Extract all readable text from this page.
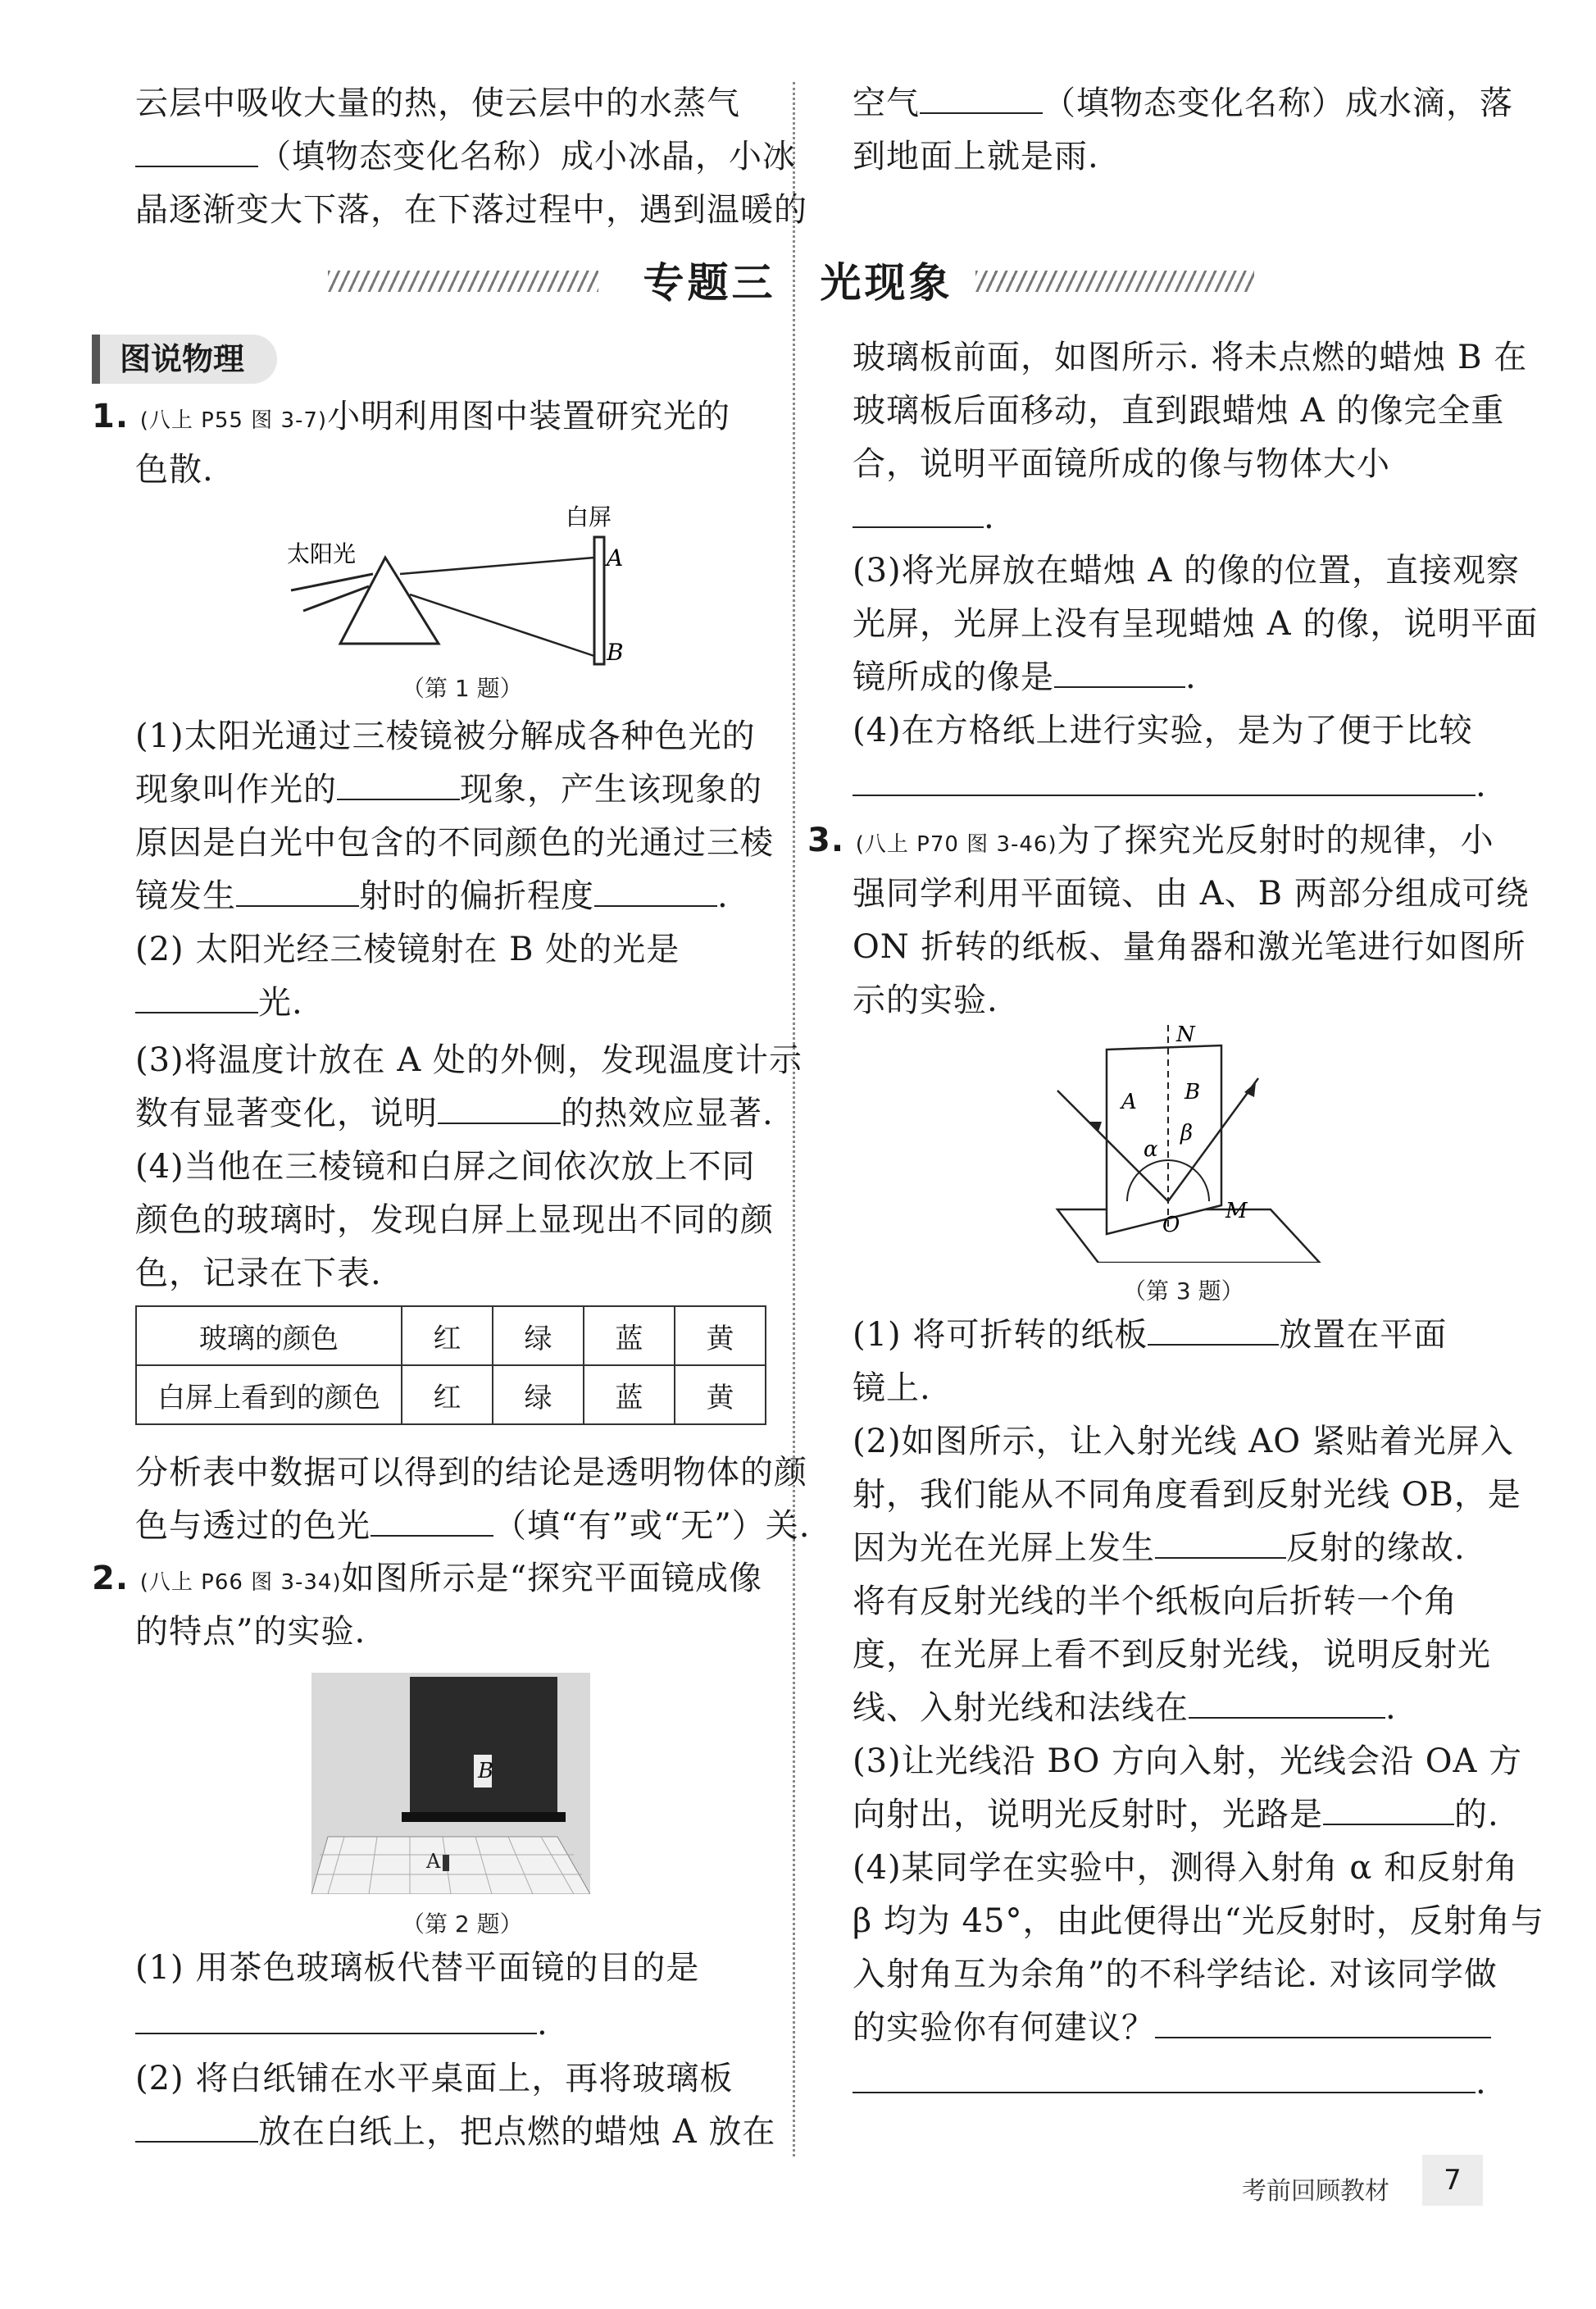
云层中吸收大量的热，使云层中的水蒸气
（填物态变化名称）成小冰晶，小冰
晶逐渐变大下落，在下落过程中，遇到温暖的
空气	（填物态变化名称）成水滴，落
到地面上就是雨.
专题三　光现象
图说物理
1. (八上 P55 图 3-7)小明利用图中装置研究光的
色散.
太阳光
白屏
A
B
（第 1 题）
(1)太阳光通过三棱镜被分解成各种色光的
现象叫作光的	现象，产生该现象的
原因是白光中包含的不同颜色的光通过三棱
镜发生	射时的偏折程度	.
(2) 太阳光经三棱镜射在 B 处的光是
光.
(3)将温度计放在 A 处的外侧，发现温度计示
数有显著变化，说明	的热效应显著.
(4)当他在三棱镜和白屏之间依次放上不同
颜色的玻璃时，发现白屏上显现出不同的颜
色，记录在下表.
玻璃的颜色	红	绿	蓝	黄
白屏上看到的颜色	红	绿	蓝	黄
分析表中数据可以得到的结论是透明物体的颜
色与透过的色光	（填“有”或“无”）关.
2. (八上 P66 图 3-34)如图所示是“探究平面镜成像
的特点”的实验.
B
A
（第 2 题）
(1) 用茶色玻璃板代替平面镜的目的是
.
(2) 将白纸铺在水平桌面上，再将玻璃板
放在白纸上，把点燃的蜡烛 A 放在
玻璃板前面，如图所示. 将未点燃的蜡烛 B 在
玻璃板后面移动，直到跟蜡烛 A 的像完全重
合，说明平面镜所成的像与物体大小
.
(3)将光屏放在蜡烛 A 的像的位置，直接观察
光屏，光屏上没有呈现蜡烛 A 的像，说明平面
镜所成的像是	.
(4)在方格纸上进行实验，是为了便于比较
.
3. (八上 P70 图 3-46)为了探究光反射时的规律，小
强同学利用平面镜、由 A、B 两部分组成可绕
ON 折转的纸板、量角器和激光笔进行如图所
示的实验.
N
A B
α
β
O
M
（第 3 题）
(1) 将可折转的纸板	放置在平面
镜上.
(2)如图所示，让入射光线 AO 紧贴着光屏入
射，我们能从不同角度看到反射光线 OB，是
因为光在光屏上发生	反射的缘故.
将有反射光线的半个纸板向后折转一个角
度，在光屏上看不到反射光线，说明反射光
线、入射光线和法线在	.
(3)让光线沿 BO 方向入射，光线会沿 OA 方
向射出，说明光反射时，光路是	的.
(4)某同学在实验中，测得入射角 α 和反射角
β 均为 45°，由此便得出“光反射时，反射角与
入射角互为余角”的不科学结论. 对该同学做
的实验你有何建议？
.
考前回顾教材	7
